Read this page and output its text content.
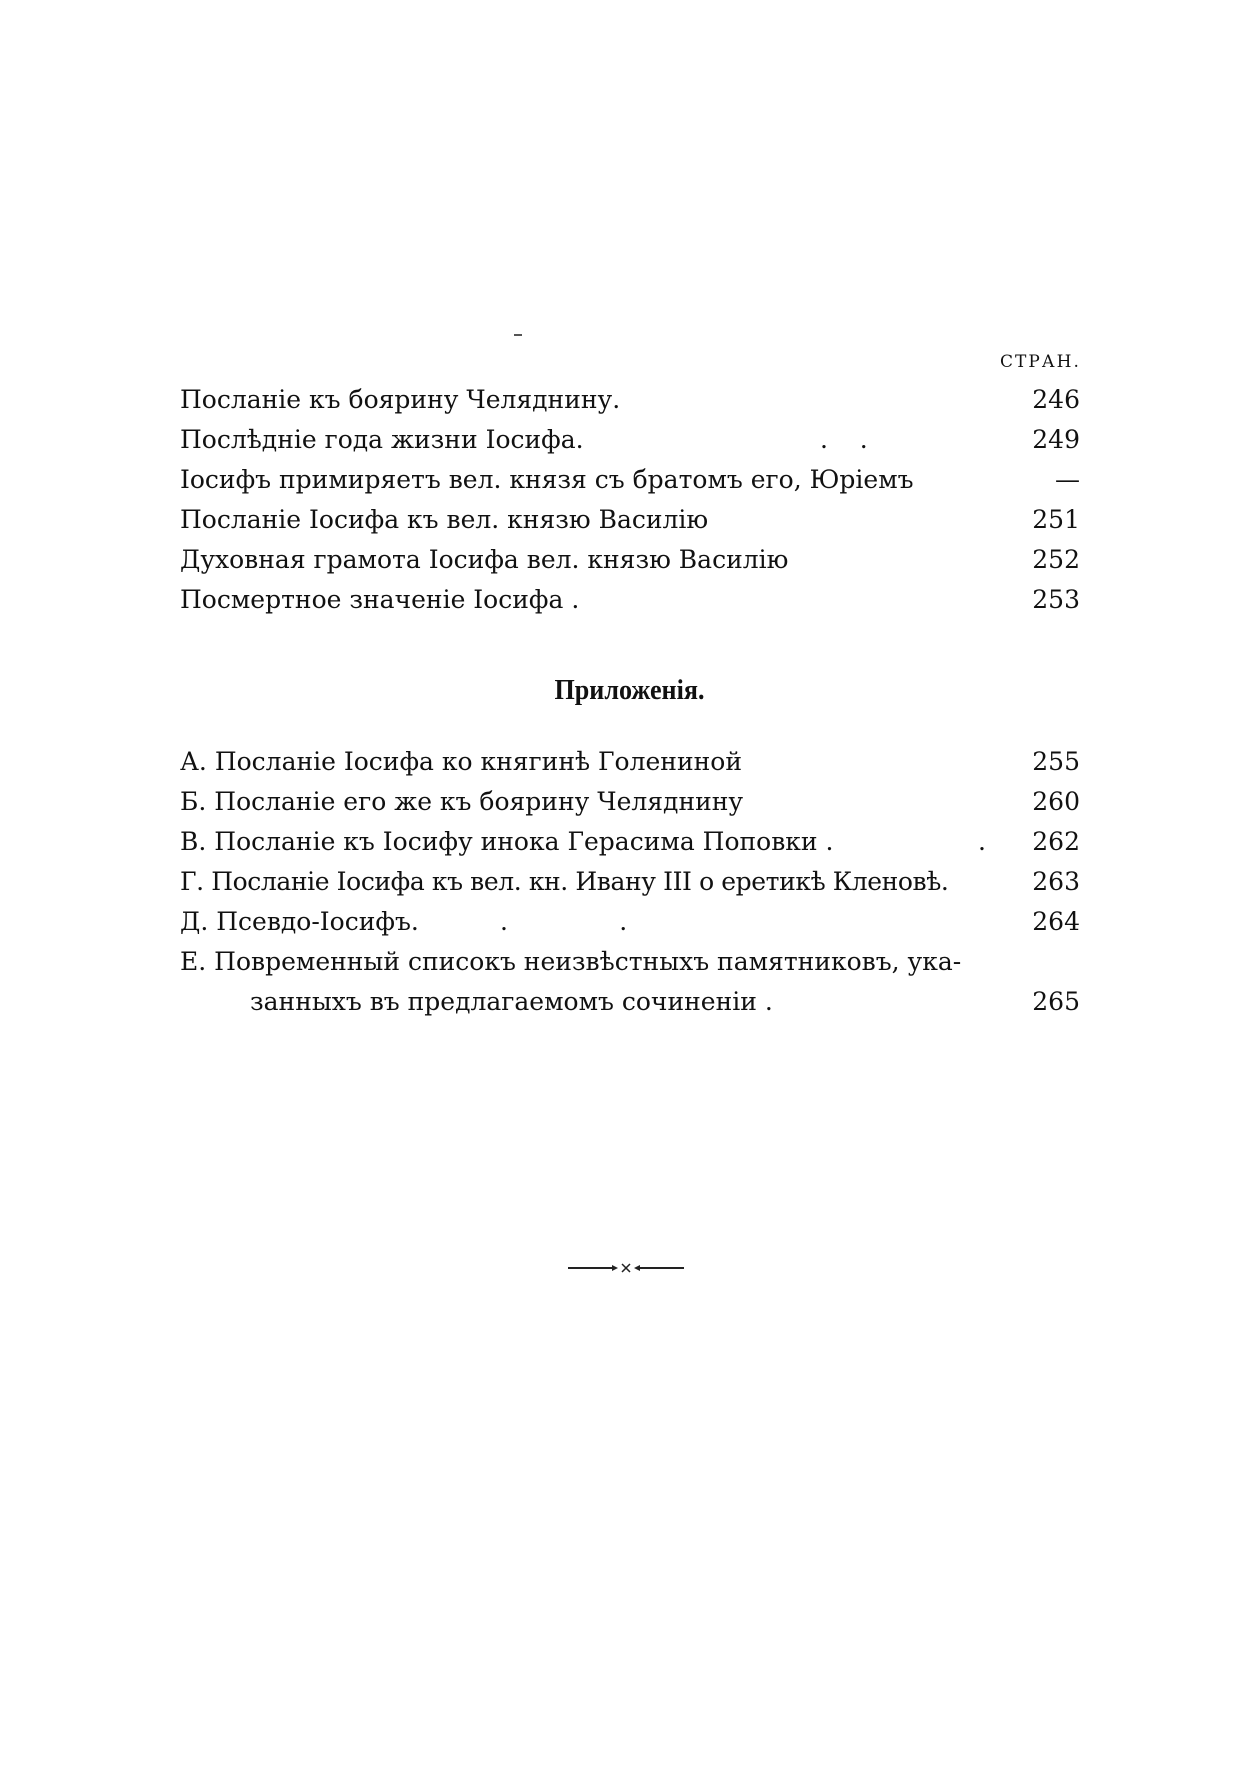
СТРАН.
Посланіе къ боярину Челяднину.	246
Послѣдніе года жизни Іосифа.	.    .	249
Іосифъ примиряетъ вел. князя съ братомъ его, Юріемъ	—
Посланіе Іосифа къ вел. князю Василію	251
Духовная грамота Іосифа вел. князю Василію	252
Посмертное значеніе Іосифа .	253
Приложенія.
А. Посланіе Іосифа ко княгинѣ Голениной	255
Б. Посланіе его же къ боярину Челяднину	260
В. Посланіе къ Іосифу инока Герасима Поповки .	. 262
Г. Посланіе Іосифа къ вел. кн. Ивану III о еретикѣ Кленовѣ.	263
Д. Псевдо-Іосифъ.	.              .	264
Е. Повременный списокъ неизвѣстныхъ памятниковъ, ука-
занныхъ въ предлагаемомъ сочиненіи .	265
